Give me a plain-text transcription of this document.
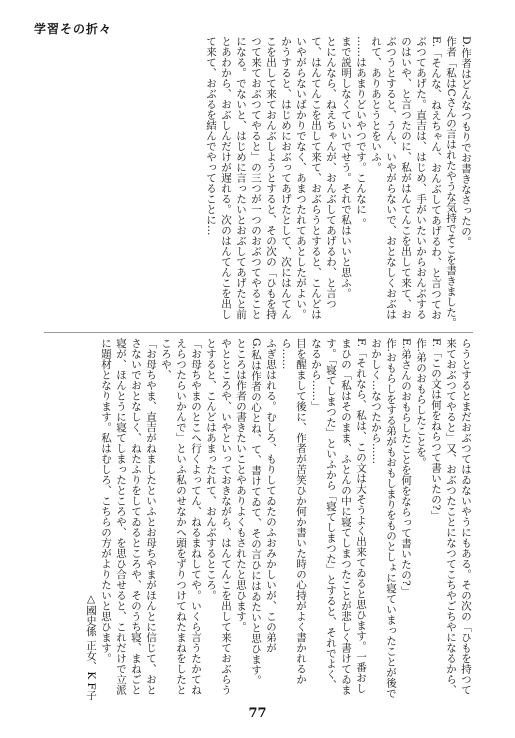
学習その折々

D.作者はどんなつもりでお書きなさったの。

作者「私はCさんの言はれたやうな気持でそこを書きました。

E.「そんな、ねえちゃん、おんぶしてあげるわ、と言つておぶつてあげた。直吉は、はじめ、手がいたいからおんぶするのはいや、と言つたのに、私がはんてんこを出して来て、おぶつうとすると、うん、いやがらないで、おとなしくおぶはれて、ありあとうとをいふ。

……はあまりどいやつです。こんなに 。

まで説明しなくていいでせう。それで私はいいと思ふ。

とにんなら、ねえちゃんが、おんぶしてあげるわ、と言つて、はんてんこを出して来て、おぶらうとすると、こんどはいやがらないばかりでなく、あまつたれてあとしたがよい。かうすると、はじめにおぶってあげたとして、次にはんてんこを出して来ておんぶしようとすると、その次の「ひもを持つて来ておぶつてやると」の三つが一つのおぶつてやることになる。でないと、はじめに言ったいとおぶしてあげたと前とあわから、おぶしんだけが遅れる。次のはんてんこを出して来て、おぶるを結んでやってることに…

らうとするとまだおぶつてはゐないやうにもある。その次の「ひもを持つて来ておぶつてやると」又、おぶつたことになつてこちやごちやになるから、

F.「この文は何をねらつて書いたの?」

作.弟のおもらしたことを。

E.弟さんのおもらしたことを何をならって書いたの?」

作.おもらしをする弟がもおもしまりをものとしょに寝ていまったことが後でおかしく…なつたから……

F.「それなら、私は、この文は大そうよく出来てゐると思ひます。一番おしまひの「私はそのまま、ふとんの中に寝てしまつたことが悲しく書けてゐます。「寝てしまつた」といふから「寝てしまつた」とすると、それでよく、なるから……」

目を醒まして後に、作者が苦笑ひか何か書いた時の心持がよく書かれるから……

ふぎ思はれる。むしろ、もりしてゐたのふおみかしいが、この弟が

G.私は作者の心とね、て、書けてゐて、その言ひにはゐたいと思ひます。

ところは作者の書きたいことやありよくもされたと思ひます。

やとところや、いやといっておきながら、はんてんこを出して来ておぶらうとすると、こんどはあまったれて、おんぶするところ。

「お母ちやまのとこへ行くよってん、ねるまねしてや。いくら言うたかてねえらつたらいかんで」といふ私のせなかへ頭をずりつけてねたまねをしたところや、

「お母ちやま、直吉がねましたといふとお母ちやまがほんとに信じて、おとさないでおとなしく、ねたふりをしてゐるところや、そのうち寝、まねごと寝が、ほんとうに寝てしまったところや、を思ひ合せると、これだけで立派に題材となります。私はむしろ、こちらの方がよりたいと思ひます。

△國史係 正女、K F子

77
